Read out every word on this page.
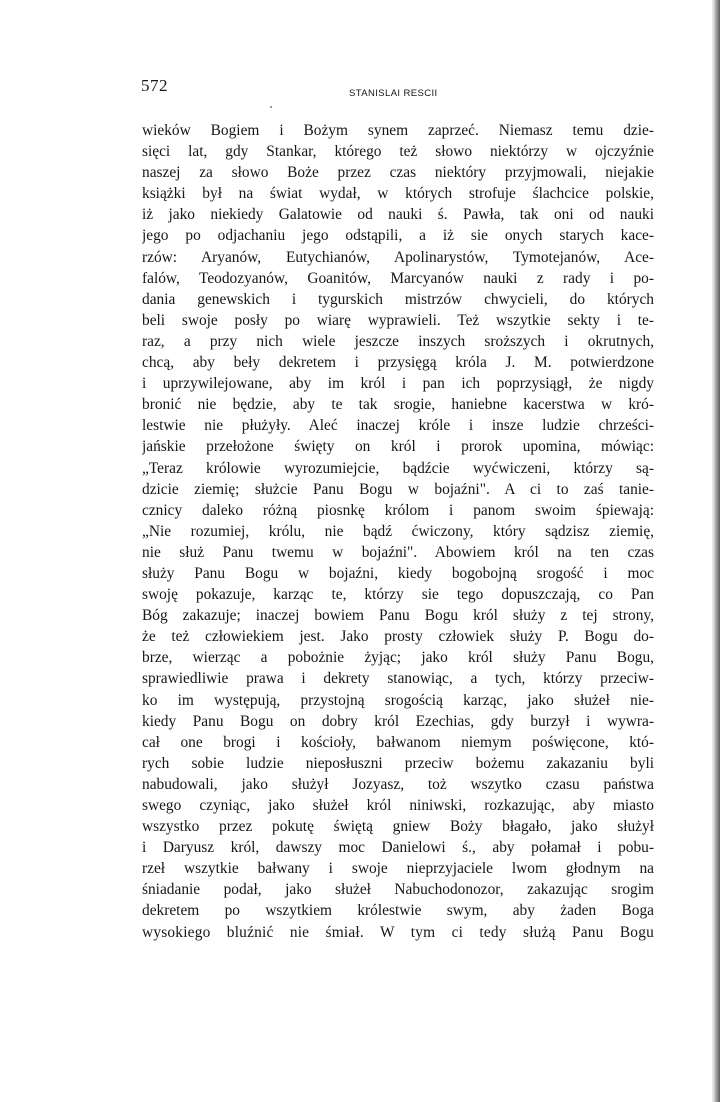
572	STANISLAI RESCII
wieków Bogiem i Bożym synem zaprzeć. Niemasz temu dzie-
sięci lat, gdy Stankar, którego też słowo niektórzy w ojczyźnie
naszej za słowo Boże przez czas niektóry przyjmowali, niejakie
książki był na świat wydał, w których strofuje ślachcice polskie,
iż jako niekiedy Galatowie od nauki ś. Pawła, tak oni od nauki
jego po odjachaniu jego odstąpili, a iż sie onych starych kace-
rzów: Aryanów, Eutychianów, Apolinarystów, Tymotejanów, Ace-
falów, Teodozyanów, Goanitów, Marcyanów nauki z rady i po-
dania genewskich i tygurskich mistrzów chwycieli, do których
beli swoje posły po wiarę wyprawieli. Też wszytkie sekty i te-
raz, a przy nich wiele jeszcze inszych sroższych i okrutnych,
chcą, aby beły dekretem i przysięgą króla J. M. potwierdzone
i uprzywilejowane, aby im król i pan ich poprzysiągł, że nigdy
bronić nie będzie, aby te tak srogie, haniebne kacerstwa w kró-
lestwie nie płużyły. Aleć inaczej króle i insze ludzie chrześci-
jańskie przełożone święty on król i prorok upomina, mówiąc:
„Teraz królowie wyrozumiejcie, bądźcie wyćwiczeni, którzy są-
dzicie ziemię; służcie Panu Bogu w bojaźni". A ci to zaś tanie-
cznicy daleko różną piosnkę królom i panom swoim śpiewają:
„Nie rozumiej, królu, nie bądź ćwiczony, który sądzisz ziemię,
nie służ Panu twemu w bojaźni". Abowiem król na ten czas
służy Panu Bogu w bojaźni, kiedy bogobojną srogość i moc
swoję pokazuje, karząc te, którzy sie tego dopuszczają, co Pan
Bóg zakazuje; inaczej bowiem Panu Bogu król służy z tej strony,
że też człowiekiem jest. Jako prosty człowiek służy P. Bogu do-
brze, wierząc a pobożnie żyjąc; jako król służy Panu Bogu,
sprawiedliwie prawa i dekrety stanowiąc, a tych, którzy przeciw-
ko im występują, przystojną srogością karząc, jako służeł nie-
kiedy Panu Bogu on dobry król Ezechias, gdy burzył i wywra-
cał one brogi i kościoły, bałwanom niemym poświęcone, któ-
rych sobie ludzie nieposłuszni przeciw bożemu zakazaniu byli
nabudowali, jako służył Jozyasz, toż wszytko czasu państwa
swego czyniąc, jako służeł król niniwski, rozkazując, aby miasto
wszystko przez pokutę świętą gniew Boży błagało, jako służył
i Daryusz król, dawszy moc Danielowi ś., aby połamał i pobu-
rzeł wszytkie bałwany i swoje nieprzyjaciele lwom głodnym na
śniadanie podał, jako służeł Nabuchodonozor, zakazując srogim
dekretem po wszytkiem królestwie swym, aby żaden Boga
wysokiego bluźnić nie śmiał. W tym ci tedy służą Panu Bogu
